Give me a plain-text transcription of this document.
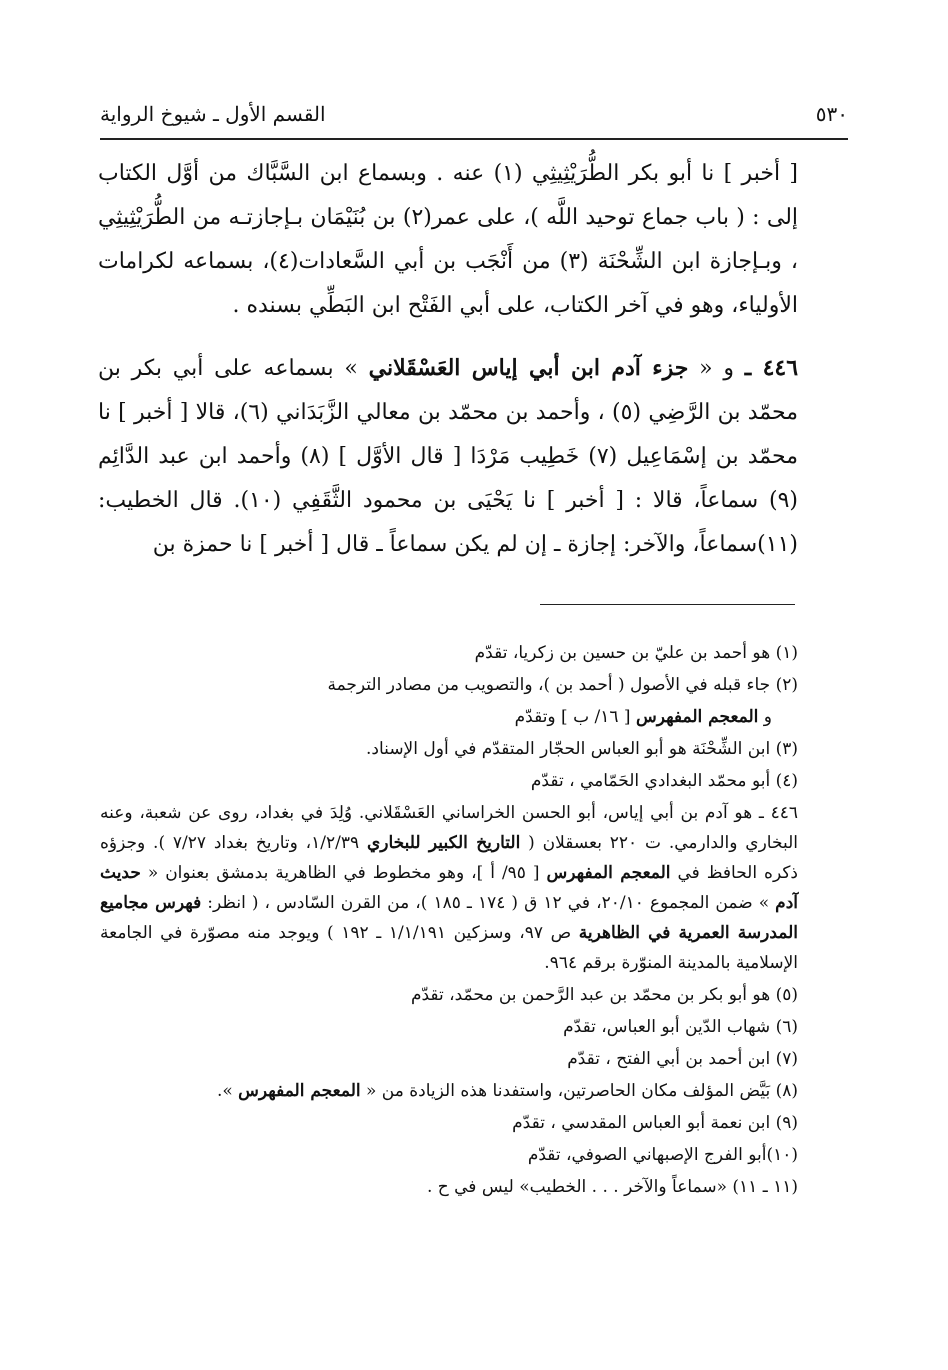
٥٣٠
القسم الأول ـ شيوخ الرواية

[ أخبر ] نا أبو بكر الطُّرَيْثِيثِي (١) عنه . وبسماع ابن السَّبَّاك من أوَّل الكتاب إلى : ( باب جماع توحيد اللَّه )، على عمر(٢) بن بُنَيْمَان بـإجازتـه من الطُّرَيْثِيثِي ، وبـإجازة ابن الشِّحْنَة (٣) من أَنْجَب بن أبي السَّعادات(٤)، بسماعه لكرامات الأولياء، وهو في آخر الكتاب، على أبي الفَتْح ابن البَطِّي بسنده .

٤٤٦ ـ و « جزء آدم ابن أبي إياس العَسْقَلاني » بسماعه على أبي بكر بن محمّد بن الرَّضِي (٥) ، وأحمد بن محمّد بن معالي الزَّبَدَاني (٦)، قالا [ أخبر ] نا محمّد بن إسْمَاعِيل (٧) خَطِيب مَرْدَا [ قال الأوَّل ] (٨) وأحمد ابن عبد الدَّائِم (٩) سماعاً، قالا : [ أخبر ] نا يَحْيَى بن محمود الثَّقَفِي (١٠). قال الخطيب: (١١)سماعاً، والآخر: إجازة ـ إن لم يكن سماعاً ـ قال [ أخبر ] نا حمزة بن

(١) هو أحمد بن عليّ بن حسين بن زكريا، تقدّم

(٢) جاء قبله في الأصول ( أحمد بن )، والتصويب من مصادر الترجمة

و المعجم المفهرس [ ١٦/ ب ] وتقدّم

(٣) ابن الشِّحْنَة هو أبو العباس الحجّار المتقدّم في أول الإسناد.

(٤) أبو محمّد البغدادي الحَمّامي ، تقدّم

٤٤٦ ـ هو آدم بن أبي إياس، أبو الحسن الخراساني العَسْقَلاني. وُلِدَ في بغداد، روى عن شعبة، وعنه البخاري والدارمي. ت ٢٢٠ بعسقلان ( التاريخ الكبير للبخاري ١/٢/٣٩، وتاريخ بغداد ٧/٢٧ ). وجزؤه ذكره الحافظ في المعجم المفهرس [ ٩٥/ أ ]، وهو مخطوط في الظاهرية بدمشق بعنوان « حديث آدم » ضمن المجموع ٢٠/١٠، في ١٢ ق ( ١٧٤ ـ ١٨٥ )، من القرن السّادس ، ( انظر: فهرس مجاميع المدرسة العمرية في الظاهرية ص ٩٧، وسزكين ١/١/١٩١ ـ ١٩٢ ) ويوجد منه مصوّرة في الجامعة الإسلامية بالمدينة المنوّرة برقم ٩٦٤.

(٥) هو أبو بكر بن محمّد بن عبد الرَّحمن بن محمّد، تقدّم

(٦) شهاب الدّين أبو العباس، تقدّم

(٧) ابن أحمد بن أبي الفتح ، تقدّم

(٨) بَيَّض المؤلف مكان الحاصرتين، واستفدنا هذه الزيادة من « المعجم المفهرس ».

(٩) ابن نعمة أبو العباس المقدسي ، تقدّم

(١٠)أبو الفرج الإصبهاني الصوفي، تقدّم

(١١ ـ ١١) «سماعاً والآخر . . . الخطيب» ليس في ح .
